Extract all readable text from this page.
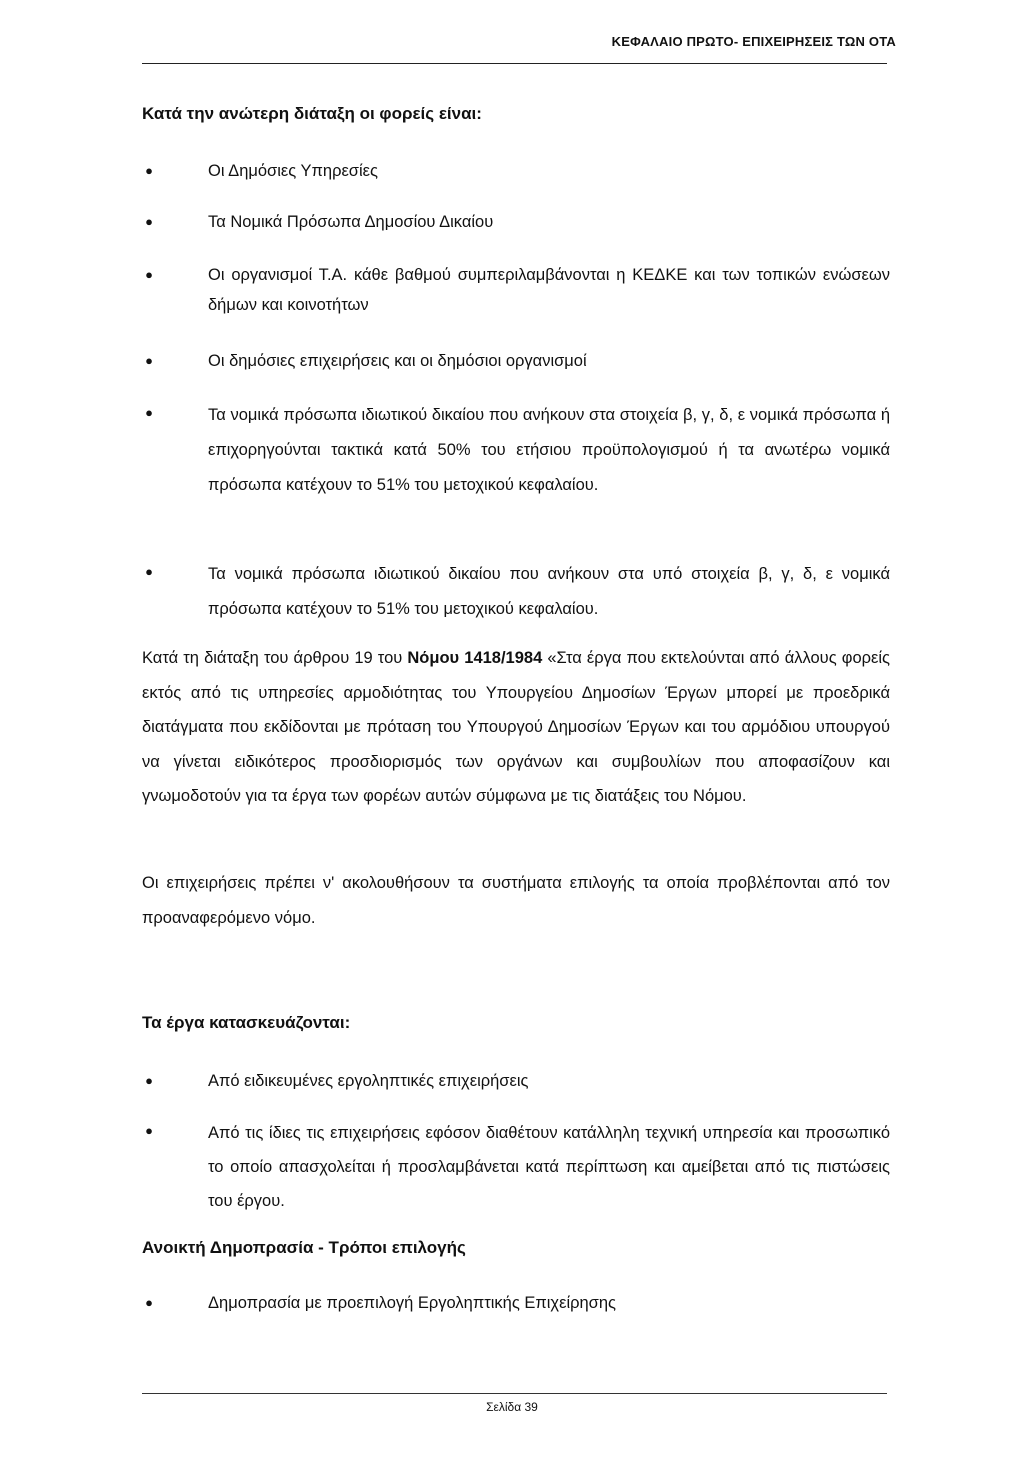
ΚΕΦΑΛΑΙΟ ΠΡΩΤΟ- ΕΠΙΧΕΙΡΗΣΕΙΣ ΤΩΝ ΟΤΑ
Κατά την ανώτερη διάταξη οι φορείς είναι:
●	Οι Δημόσιες Υπηρεσίες
●	Τα Νομικά Πρόσωπα Δημοσίου Δικαίου
●	Οι οργανισμοί Τ.Α. κάθε βαθμού συμπεριλαμβάνονται η ΚΕΔΚΕ και των τοπικών ενώσεων δήμων και κοινοτήτων
●	Οι δημόσιες επιχειρήσεις και οι δημόσιοι οργανισμοί
●	Τα νομικά πρόσωπα ιδιωτικού δικαίου που ανήκουν στα στοιχεία β, γ, δ, ε νομικά πρόσωπα ή επιχορηγούνται τακτικά κατά 50% του ετήσιου προϋπολογισμού ή τα ανωτέρω νομικά πρόσωπα κατέχουν το 51% του μετοχικού κεφαλαίου.
●	Τα νομικά πρόσωπα ιδιωτικού δικαίου που ανήκουν στα υπό στοιχεία β, γ, δ, ε νομικά πρόσωπα κατέχουν το 51% του μετοχικού κεφαλαίου.
Κατά τη διάταξη του άρθρου 19 του Νόμου 1418/1984 «Στα έργα που εκτελούνται από άλλους φορείς εκτός από τις υπηρεσίες αρμοδιότητας του Υπουργείου Δημοσίων Έργων μπορεί με προεδρικά διατάγματα που εκδίδονται με πρόταση του Υπουργού Δημοσίων Έργων και του αρμόδιου υπουργού να γίνεται ειδικότερος προσδιορισμός των οργάνων και συμβουλίων που αποφασίζουν και γνωμοδοτούν για τα έργα των φορέων αυτών σύμφωνα με τις διατάξεις του Νόμου.
Οι επιχειρήσεις πρέπει ν' ακολουθήσουν τα συστήματα επιλογής τα οποία προβλέπονται από τον προαναφερόμενο νόμο.
Τα έργα κατασκευάζονται:
●	Από ειδικευμένες εργοληπτικές επιχειρήσεις
●	Από τις ίδιες τις επιχειρήσεις εφόσον διαθέτουν κατάλληλη τεχνική υπηρεσία και προσωπικό το οποίο απασχολείται ή προσλαμβάνεται κατά περίπτωση και αμείβεται από τις πιστώσεις του έργου.
Ανοικτή Δημοπρασία - Τρόποι επιλογής
●	Δημοπρασία με προεπιλογή Εργοληπτικής Επιχείρησης
Σελίδα 39
